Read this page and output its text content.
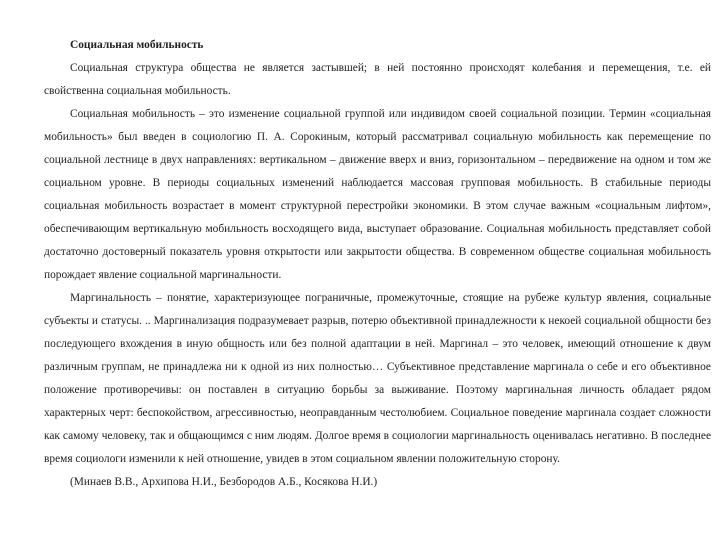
Социальная мобильность

Социальная структура общества не является застывшей; в ней постоянно происходят колебания и перемещения, т.е. ей свойственна социальная мобильность.

Социальная мобильность – это изменение социальной группой или индивидом своей социальной позиции. Термин «социальная мобильность» был введен в социологию П. А. Сорокиным, который рассматривал социальную мобильность как перемещение по социальной лестнице в двух направлениях: вертикальном – движение вверх и вниз, горизонтальном – передвижение на одном и том же социальном уровне. В периоды социальных изменений наблюдается массовая групповая мобильность. В стабильные периоды социальная мобильность возрастает в момент структурной перестройки экономики. В этом случае важным «социальным лифтом», обеспечивающим вертикальную мобильность восходящего вида, выступает образование. Социальная мобильность представляет собой достаточно достоверный показатель уровня открытости или закрытости общества. В современном обществе социальная мобильность порождает явление социальной маргинальности.

Маргинальность – понятие, характеризующее пограничные, промежуточные, стоящие на рубеже культур явления, социальные субъекты и статусы. .. Маргинализация подразумевает разрыв, потерю объективной принадлежности к некоей социальной общности без последующего вхождения в иную общность или без полной адаптации в ней. Маргинал – это человек, имеющий отношение к двум различным группам, не принадлежа ни к одной из них полностью… Субъективное представление маргинала о себе и его объективное положение противоречивы: он поставлен в ситуацию борьбы за выживание. Поэтому маргинальная личность обладает рядом характерных черт: беспокойством, агрессивностью, неоправданным честолюбием. Социальное поведение маргинала создает сложности как самому человеку, так и общающимся с ним людям. Долгое время в социологии маргинальность оценивалась негативно. В последнее время социологи изменили к ней отношение, увидев в этом социальном явлении положительную сторону.

(Минаев В.В., Архипова Н.И., Безбородов А.Б., Косякова Н.И.)
